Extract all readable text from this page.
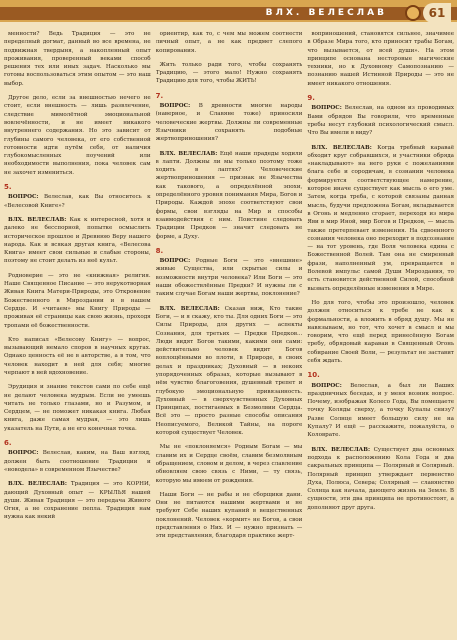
ВЛХ. ВЕЛЕСЛАВ	61

менности? Ведь Традиция — это не переделный догмат, данный во все времена, не подвижная твердыня, а накопленный опыт проживания, проверенный веками способ решения тех или иных задач. Насколько мы готовы воспользоваться этим опытом — это наш выбор.

Другое дело, если за внешностью нечего не стоит, если внешность — лишь развлечение, следствие мимолётной эмоциональной вовлечённости, и не имеет никакого внутреннего содержания. Но это зависит от глубины самого человека, от его собственной готовности идти путём себя, от наличия глубокомысленных поучений или необходимости выполнения, пока человек сам не захочет измениться.

5.

ВОПРОС: Велеслав, как Вы относитесь к «Велесовой Книге»?

ВЛХ. ВЕЛЕСЛАВ: Как к интересной, хотя и далеко не бесспорной, попытке осмыслить историческое прошлое и Древнюю Веру нашего народа. Как и всякая другая книга, «Велесова Книга» имеет свои сильные и слабые стороны, поэтому не стоит делать из неё культ.

Родноверие — это не «книжная» религия. Наше Священное Писание — это нерукотворная Живая Книга Матери-Природы, это Откровение Божественного в Мироздании и в нашем Сердце. И «читаем» мы Книгу Природы — проживая её страницы как свою жизнь, проходя тропами её божественности.

Кто написал «Велесову Книгу» — вопрос, вызывающий немало споров в научных кругах. Однако ценность её не в авторстве, а в том, что человек находит в ней для себя; многие черпают в ней вдохновение.

Эрудиция и знание текстов сами по себе ещё не делают человека мудрым. Если не умеешь читать не только глазами, но и Разумом, и Сердцем, — не поможет никакая книга. Любая книга, даже самая мудрая, — это лишь указатель на Пути, а не его конечная точка.

6.

ВОПРОС: Велеслав, каким, на Ваш взгляд, должен быть соотношение Традиции и «новодела» в современном Язычестве?

ВЛХ. ВЕЛЕСЛАВ: Традиция — это КОРНИ, дающий Духовный опыт — КРЫЛЬЯ нашей души. Живая Традиция — это передача Живого Огня, а не сохранение пепла. Традиция нам нужна как некий

ориентир, как то, с чем мы можем соотнести личный опыт, а не как предмет слепого копирования.

Жить только ради того, чтобы сохранять Традицию, — этого мало! Нужно сохранять Традицию для того, чтобы ЖИТЬ!

7.

ВОПРОС: В древности многие народы (наверное, и Славяне тоже) приносили человеческие жертвы. Должны ли современные Язычники сохранять подобные жертвоприношения?

ВЛХ. ВЕЛЕСЛАВ: Ещё наши прадеды ходили в лапти. Должны ли мы только поэтому тоже ходить в лаптях? Человеческие жертвоприношения — признак не Язычества как такового, а определённой эпохи, определённого уровня понимания Мира, Богов и Природы. Каждой эпохе соответствуют свои формы, свои взгляды на Мир и способы взаимодействия с ним. Поистине следовать Традиции Предков — значит следовать не форме, а Духу.

8.

ВОПРОС: Родные Боги — это «внешние» живые Существа, или скрытые силы и возможности внутри человека? Или Боги — это наши обожествлённые Предки? И нужны ли с таким случае Богам наши жертвы, поклонение?

ВЛХ. ВЕЛЕСЛАВ: Сказав ниж, Кто такие Боги, — и я скажу, кто ты. Для одних Боги — это Силы Природы, для других — аспекты Сознания, для третьих — Предки Предков... Люди видят Богов такими, какими они сами: действительно человек видит Богов воплощёнными во плоти, в Природе, в своих делах и праздниках; Духовный — в некоих упорядоченных образах, которые вызывают в нём чувство благоговения, душевный трепет и глубокую эмоциональную привязанность. Духовный — в сверхчувственных Духовных Принципах, постигаемых в Безмолвии Сердца. Всё это — просто разные способы описания Неописуемого, Великой Тайны, на пороге которой существует Человек.

Мы не «поклоняемся» Родным Богам — мы славим их и Сердце своём, славим безмолвным обращением, словом и делом, в через славление обновляем свою связь с Ними, — ту связь, которую мы имеем от рождения.

Наши Боги — не рабы и не сборщики дани. Они не питаются нашими жертвами и не требуют Себе наших купаний в вещественных поклонений. Человек «кормит» не Богов, а свои представления о Них. И — нужно признать — эти представления, благодаря практике жерт-

воприношений, становятся сильнее, значимее в Образе Мира того, кто приносит трабы Богам, что вызывается, от всей души». На этом принципе основана несторовые магические техники, но к Духовному Самопознанию — познанию нашей Истинной Природы — это не имеет никакого отношения.

9.

ВОПРОС: Велеслав, на одном из проводимых Вами обрядов Вы говорили, что временные требы несут глубокий психологический смысл. Что Вы имели в виду?

ВЛХ. ВЕЛЕСЛАВ: Когда требный караваё обходит круг собравшихся, и участники обряда «накладывают» на него руки с пожеланиями блага себе и сородичам, в сознании человека формируется соответствующее намерение, которое иначе существует как мысль о его уме. Затем, когда треба, с которой связаны данная мысль, будучи предложена Богам, вкладывается в Огонь и медленно сгорает, переходя из мира Яви в мир Иной, мир Богов и Предков, — мысль также претерпевает изменения. На сдвоенного сознания человека оно переходит в подсознание — на тот уровень, где Воля человека едина с Божественной Волей. Там она не смиренный фрази, наполненный ум, превращается в Волевой импульс самой Души Мироздания, то есть становится действенной Силой, способной вызвать определённые изменения в Мире.

Но для того, чтобы это произошло, человек должен относиться к требе не как к формальности, а вложить в обряд душу. Мы не навязываем, но тот, что хочет в смысл и мы говорим, что ещё перед принесённую Богам требу, обрядовый караваи в Священный Огонь собирание Своей Воли, — результат не заставит себя ждать.

10.

ВОПРОС: Велеслав, а был ли Ваших праздничных беседах, и у меня возник вопрос. Почему, изображая Колесо Года, Вы помещаете точку Коляды сверху, а точку Купалы снизу? Разве Солнце имеет большую силу не на Купалу? И ещё — расскажите, пожалуйста, о Коловрате.

ВЛХ. ВЕЛЕСЛАВ: Существует два основных подхода к расположению Кола Года и два сакральных принципа — Полярный и Солярный. Полярный принцип утверждает первенство Духа, Полюса, Севера; Солярный — славянство Солнца как начала, дающего жизнь на Земле. В сущности, эти два принципа не противостоят, а дополняют друг друга.
